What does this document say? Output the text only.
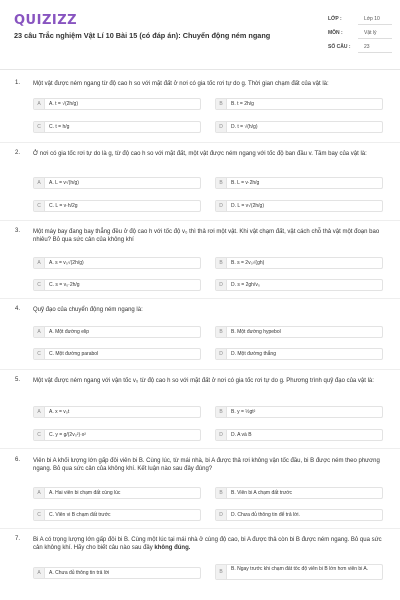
QUIZIZZ
23 câu Trắc nghiệm Vật Lí 10 Bài 15 (có đáp án): Chuyển động ném ngang
LỚP :	Lớp 10
MÔN :	Vật lý
SỐ CÂU :	23
1. Một vật được ném ngang từ độ cao h so với mặt đất ở nơi có gia tốc rơi tự do g. Thời gian chạm đất của vật là:
A	A. t = √(2h/g)	B	B. t = 2h/g
C	C. t = h/g	D	D. t = √(h/g)
2. Ở nơi có gia tốc rơi tự do là g, từ độ cao h so với mặt đất, một vật được ném ngang với tốc độ ban đầu v. Tầm bay của vật là:
A	A. L = v√(h/g)	B	B. L = v·2h/g
C	C. L = v·h/2g	D	D. L = v√(2h/g)
3. Một máy bay đang bay thẳng đều ở độ cao h với tốc độ v₀ thì thả rơi một vật. Khi vật chạm đất, vật cách chỗ thả vật một đoạn bao nhiêu? Bỏ qua sức cản của không khí
A	A. s = v₀√(2h/g)	B	B. s = 2v₀√(gh)
C	C. s = v₀·2h/g	D	D. s = 2gh/v₀
4. Quỹ đạo của chuyển động ném ngang là:
A	A. Một đường elip	B	B. Một đường hypebol
C	C. Một đường parabol	D	D. Một đường thẳng
5. Một vật được ném ngang với vận tốc v₀ từ độ cao h so với mặt đất ở nơi có gia tốc rơi tự do g. Phương trình quỹ đạo của vật là:
A	A. x = v₀t	B	B. y = ½gt²
C	C. y = g/(2v₀²)·x²	D	D. A và B
6. Viên bi A khối lượng lớn gấp đôi viên bi B. Cùng lúc, từ mái nhà, bi A được thả rơi không vận tốc đầu, bi B được ném theo phương ngang. Bỏ qua sức cản của không khí. Kết luận nào sau đây đúng?
A	A. Hai viên bi chạm đất cùng lúc	B	B. Viên bi A chạm đất trước
C	C. Viên vi B chạm đất trước	D	D. Chưa đủ thông tin để trả lời.
7. Bi A có trọng lượng lớn gấp đôi bi B. Cùng một lúc tại mái nhà ở cùng độ cao, bi A được thả còn bi B được ném ngang. Bỏ qua sức cản không khí. Hãy cho biết câu nào sau đây không đúng.
A	A. Chưa đủ thông tin trả lời	B	B. Ngay trước khi chạm đất tốc độ viên bi B lớn hơn viên bi A.
